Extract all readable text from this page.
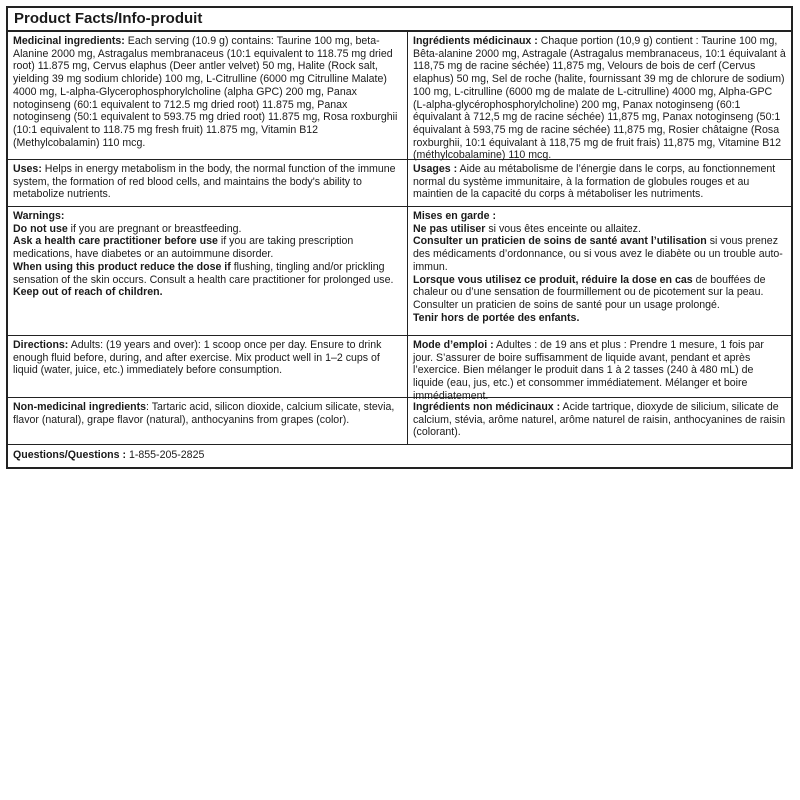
Product Facts/Info-produit

Medicinal ingredients: Each serving (10.9 g) contains: Taurine 100 mg, beta-Alanine 2000 mg, Astragalus membranaceus (10:1 equivalent to 118.75 mg dried root) 11.875 mg, Cervus elaphus (Deer antler velvet) 50 mg, Halite (Rock salt, yielding 39 mg sodium chloride) 100 mg, L-Citrulline (6000 mg Citrulline Malate) 4000 mg, L-alpha-Glycerophosphorylcholine (alpha GPC) 200 mg, Panax notoginseng (60:1 equivalent to 712.5 mg dried root) 11.875 mg, Panax notoginseng (50:1 equivalent to 593.75 mg dried root) 11.875 mg, Rosa roxburghii (10:1 equivalent to 118.75 mg fresh fruit) 11.875 mg, Vitamin B12 (Methylcobalamin) 110 mcg.

Ingrédients médicinaux : Chaque portion (10,9 g) contient : Taurine 100 mg, Bêta-alanine 2000 mg, Astragale (Astragalus membranaceus, 10:1 équivalant à 118,75 mg de racine séchée) 11,875 mg, Velours de bois de cerf (Cervus elaphus) 50 mg, Sel de roche (halite, fournissant 39 mg de chlorure de sodium) 100 mg, L-citrulline (6000 mg de malate de L-citrulline) 4000 mg, Alpha-GPC (L-alpha-glycérophosphorylcholine) 200 mg, Panax notoginseng (60:1 équivalant à 712,5 mg de racine séchée) 11,875 mg, Panax notoginseng (50:1 équivalant à 593,75 mg de racine séchée) 11,875 mg, Rosier châtaigne (Rosa roxburghii, 10:1 équivalant à 118,75 mg de fruit frais) 11,875 mg, Vitamine B12 (méthylcobalamine) 110 mcg.

Uses: Helps in energy metabolism in the body, the normal function of the immune system, the formation of red blood cells, and maintains the body's ability to metabolize nutrients.

Usages : Aide au métabolisme de l’énergie dans le corps, au fonctionnement normal du système immunitaire, à la formation de globules rouges et au maintien de la capacité du corps à métaboliser les nutriments.

Warnings:

Do not use if you are pregnant or breastfeeding.

Ask a health care practitioner before use if you are taking prescription medications, have diabetes or an autoimmune disorder.

When using this product reduce the dose if flushing, tingling and/or prickling sensation of the skin occurs. Consult a health care practitioner for prolonged use.

Keep out of reach of children.

Mises en garde :

Ne pas utiliser si vous êtes enceinte ou allaitez.

Consulter un praticien de soins de santé avant l’utilisation si vous prenez des médicaments d’ordonnance, ou si vous avez le diabète ou un trouble auto-immun.

Lorsque vous utilisez ce produit, réduire la dose en cas de bouffées de chaleur ou d’une sensation de fourmillement ou de picotement sur la peau. Consulter un praticien de soins de santé pour un usage prolongé.

Tenir hors de portée des enfants.

Directions: Adults: (19 years and over): 1 scoop once per day. Ensure to drink enough fluid before, during, and after exercise. Mix product well in 1–2 cups of liquid (water, juice, etc.) immediately before consumption.

Mode d’emploi : Adultes : de 19 ans et plus : Prendre 1 mesure, 1 fois par jour. S’assurer de boire suffisamment de liquide avant, pendant et après l’exercice. Bien mélanger le produit dans 1 à 2 tasses (240 à 480 mL) de liquide (eau, jus, etc.) et consommer immédiatement. Mélanger et boire immédiatement.

Non-medicinal ingredients: Tartaric acid, silicon dioxide, calcium silicate, stevia, flavor (natural), grape flavor (natural), anthocyanins from grapes (color).

Ingrédients non médicinaux : Acide tartrique, dioxyde de silicium, silicate de calcium, stévia, arôme naturel, arôme naturel de raisin, anthocyanines de raisin (colorant).

Questions/Questions : 1-855-205-2825
